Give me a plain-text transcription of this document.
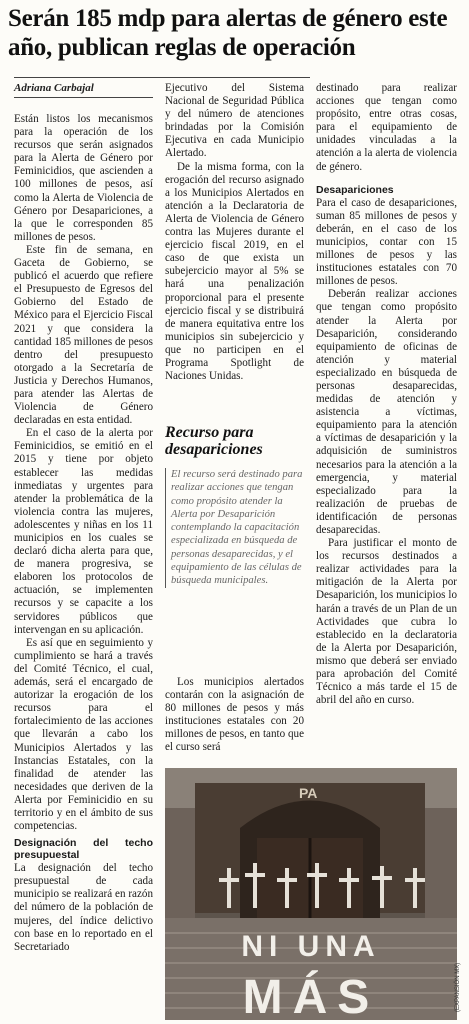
Serán 185 mdp para alertas de género este año, publican reglas de operación
Adriana Carbajal

Están listos los mecanismos para la operación de los recursos que serán asignados para la Alerta de Género por Feminicidios, que ascienden a 100 millones de pesos, así como la Alerta de Violencia de Género por Desapariciones, a la que le corresponden 85 millones de pesos.

Este fin de semana, en Gaceta de Gobierno, se publicó el acuerdo que refiere el Presupuesto de Egresos del Gobierno del Estado de México para el Ejercicio Fiscal 2021 y que considera la cantidad 185 millones de pesos dentro del presupuesto otorgado a la Secretaría de Justicia y Derechos Humanos, para atender las Alertas de Violencia de Género declaradas en esta entidad.

En el caso de la alerta por Feminicidios, se emitió en el 2015 y tiene por objeto establecer las medidas inmediatas y urgentes para atender la problemática de la violencia contra las mujeres, adolescentes y niñas en los 11 municipios en los cuales se declaró dicha alerta para que, de manera progresiva, se elaboren los protocolos de actuación, se implementen recursos y se capacite a los servidores públicos que intervengan en su aplicación.

Es así que en seguimiento y cumplimiento se hará a través del Comité Técnico, el cual, además, será el encargado de autorizar la erogación de los recursos para el fortalecimiento de las acciones que llevarán a cabo los Municipios Alertados y las Instancias Estatales, con la finalidad de atender las necesidades que deriven de la Alerta por Feminicidio en su territorio y en el ámbito de sus competencias.

Designación del techo presupuestal

La designación del techo presupuestal de cada municipio se realizará en razón del número de la población de mujeres, del índice delictivo con base en lo reportado en el Secretariado

Ejecutivo del Sistema Nacional de Seguridad Pública y del número de atenciones brindadas por la Comisión Ejecutiva en cada Municipio Alertado.

De la misma forma, con la erogación del recurso asignado a los Municipios Alertados en atención a la Declaratoria de Alerta de Violencia de Género contra las Mujeres durante el ejercicio fiscal 2019, en el caso de que exista un subejercicio mayor al 5% se hará una penalización proporcional para el presente ejercicio fiscal y se distribuirá de manera equitativa entre los municipios sin subejercicio y que no participen en el Programa Spotlight de Naciones Unidas.

Recurso para desapariciones
El recurso será destinado para realizar acciones que tengan como propósito atender la Alerta por Desaparición contemplando la capacitación especializada en búsqueda de personas desaparecidas, y el equipamiento de las células de búsqueda municipales.

Los municipios alertados contarán con la asignación de 80 millones de pesos y más instituciones estatales con 20 millones de pesos, en tanto que el curso será

destinado para realizar acciones que tengan como propósito, entre otras cosas, para el equipamiento de unidades vinculadas a la atención a la alerta de violencia de género.

Desapariciones

Para el caso de desapariciones, suman 85 millones de pesos y deberán, en el caso de los municipios, contar con 15 millones de pesos y las instituciones estatales con 70 millones de pesos.

Deberán realizar acciones que tengan como propósito atender la Alerta por Desaparición, considerando equipamiento de oficinas de atención y material especializado en búsqueda de personas desaparecidas, medidas de atención y asistencia a víctimas, equipamiento para la atención a víctimas de desaparición y la adquisición de suministros necesarios para la atención a la emergencia, y material especializado para la realización de pruebas de identificación de personas desaparecidas.

Para justificar el monto de los recursos destinados a realizar actividades para la mitigación de la Alerta por Desaparición, los municipios lo harán a través de un Plan de un Actividades que cubra lo establecido en la declaratoria de la Alerta por Desaparición, mismo que deberá ser enviado para aprobación del Comité Técnico a más tarde el 15 de abril del año en curso.

PA
NI UNA
MÁS	(EXPANSIÓN MX)
